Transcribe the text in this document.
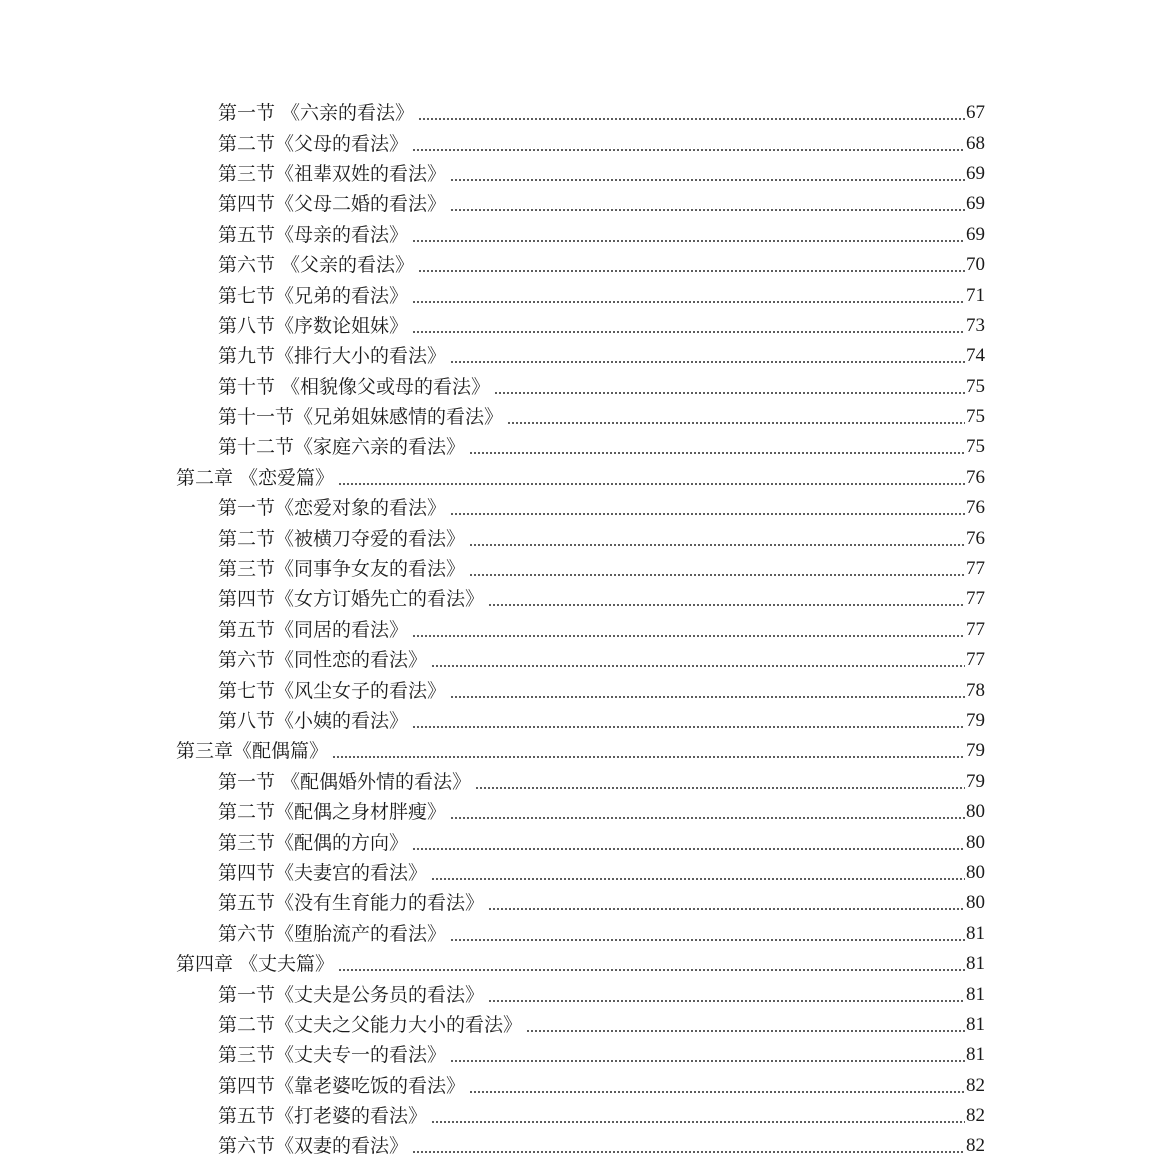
第一节 《六亲的看法》	67
第二节《父母的看法》	68
第三节《祖辈双姓的看法》	69
第四节《父母二婚的看法》	69
第五节《母亲的看法》	69
第六节 《父亲的看法》	70
第七节《兄弟的看法》	71
第八节《序数论姐妹》	73
第九节《排行大小的看法》	74
第十节 《相貌像父或母的看法》	75
第十一节《兄弟姐妹感情的看法》	75
第十二节《家庭六亲的看法》	75
第二章 《恋爱篇》	76
第一节《恋爱对象的看法》	76
第二节《被横刀夺爱的看法》	76
第三节《同事争女友的看法》	77
第四节《女方订婚先亡的看法》	77
第五节《同居的看法》	77
第六节《同性恋的看法》	77
第七节《风尘女子的看法》	78
第八节《小姨的看法》	79
第三章《配偶篇》	79
第一节 《配偶婚外情的看法》	79
第二节《配偶之身材胖瘦》	80
第三节《配偶的方向》	80
第四节《夫妻宫的看法》	80
第五节《没有生育能力的看法》	80
第六节《堕胎流产的看法》	81
第四章 《丈夫篇》	81
第一节《丈夫是公务员的看法》	81
第二节《丈夫之父能力大小的看法》	81
第三节《丈夫专一的看法》	81
第四节《靠老婆吃饭的看法》	82
第五节《打老婆的看法》	82
第六节《双妻的看法》	82
